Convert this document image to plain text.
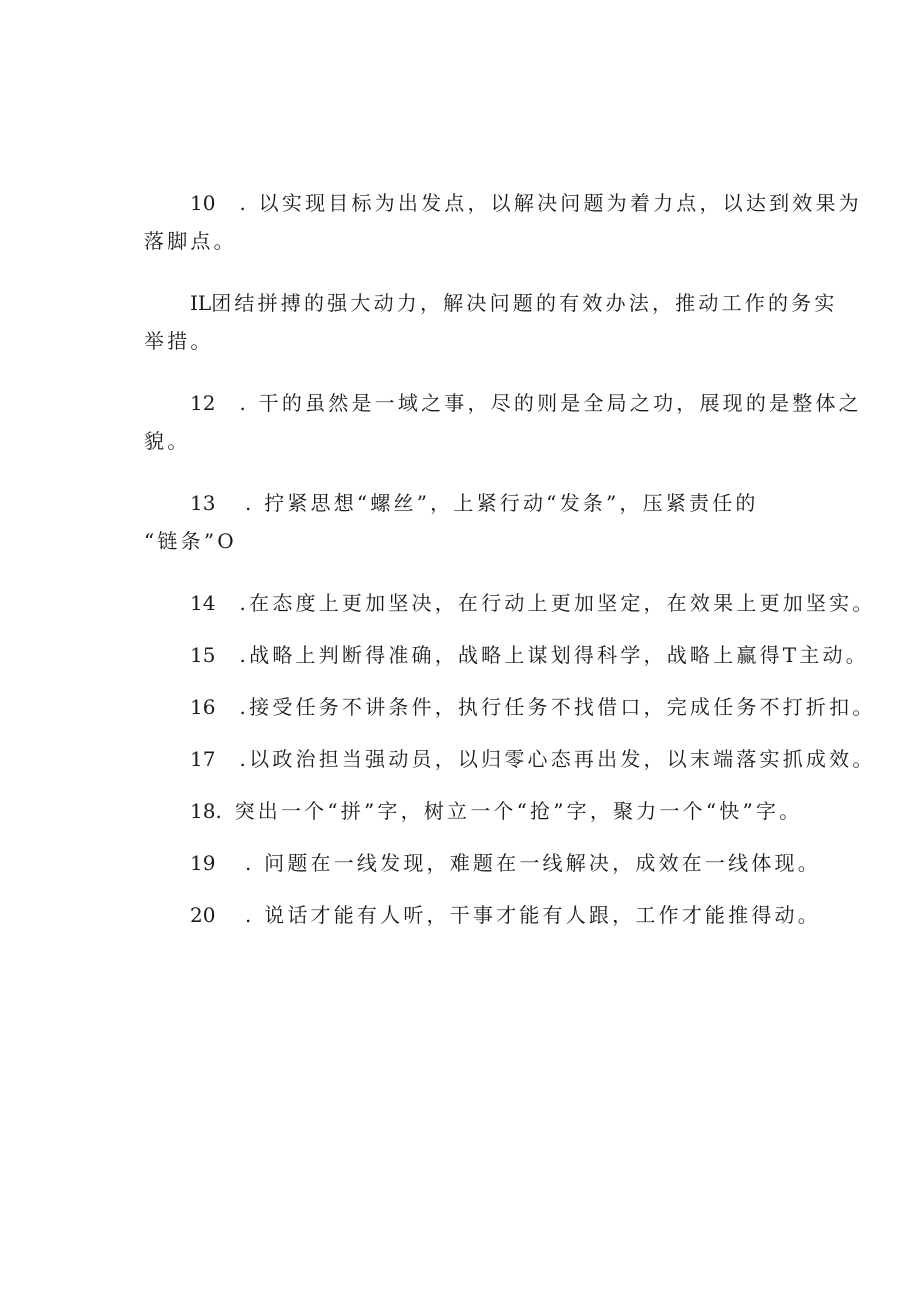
10 . 以实现目标为出发点，以解决问题为着力点，以达到效果为
落脚点。

IL团结拼搏的强大动力，解决问题的有效办法，推动工作的务实
举措。

12 . 干的虽然是一域之事，尽的则是全局之功，展现的是整体之
貌。

13 . 拧紧思想“螺丝”，上紧行动“发条”，压紧责任的
“链条”O

14 .在态度上更加坚决，在行动上更加坚定，在效果上更加坚实。

15 .战略上判断得准确，战略上谋划得科学，战略上赢得T主动。

16 .接受任务不讲条件，执行任务不找借口，完成任务不打折扣。

17 .以政治担当强动员，以归零心态再出发，以末端落实抓成效。

18. 突出一个“拼”字，树立一个“抢”字，聚力一个“快”字。

19 . 问题在一线发现，难题在一线解决，成效在一线体现。

20 . 说话才能有人听，干事才能有人跟，工作才能推得动。
